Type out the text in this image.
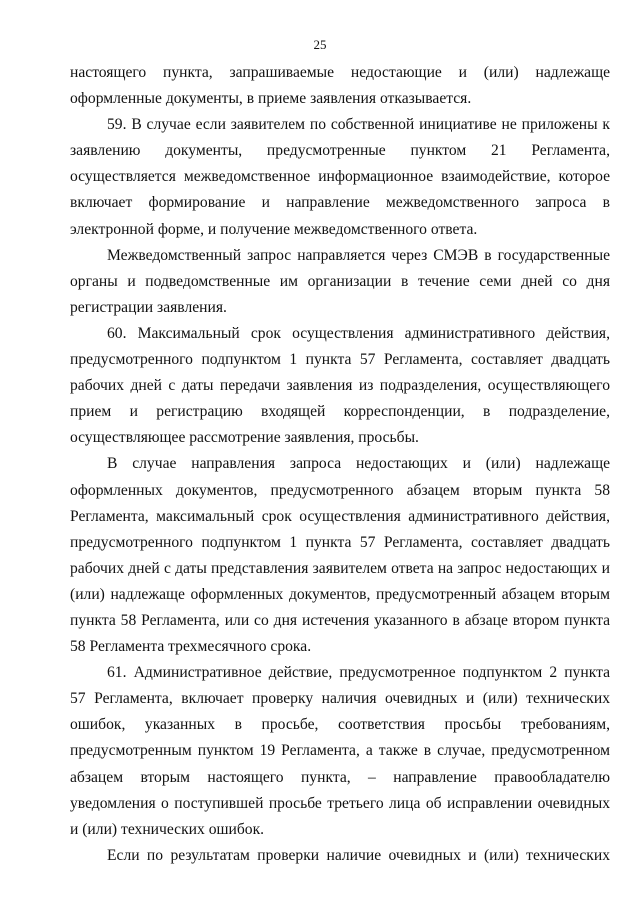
25

настоящего пункта, запрашиваемые недостающие и (или) надлежаще оформленные документы, в приеме заявления отказывается.

59. В случае если заявителем по собственной инициативе не приложены к заявлению документы, предусмотренные пунктом 21 Регламента, осуществляется межведомственное информационное взаимодействие, которое включает формирование и направление межведомственного запроса в электронной форме, и получение межведомственного ответа.

Межведомственный запрос направляется через СМЭВ в государственные органы и подведомственные им организации в течение семи дней со дня регистрации заявления.

60. Максимальный срок осуществления административного действия, предусмотренного подпунктом 1 пункта 57 Регламента, составляет двадцать рабочих дней с даты передачи заявления из подразделения, осуществляющего прием и регистрацию входящей корреспонденции, в подразделение, осуществляющее рассмотрение заявления, просьбы.

В случае направления запроса недостающих и (или) надлежаще оформленных документов, предусмотренного абзацем вторым пункта 58 Регламента, максимальный срок осуществления административного действия, предусмотренного подпунктом 1 пункта 57 Регламента, составляет двадцать рабочих дней с даты представления заявителем ответа на запрос недостающих и (или) надлежаще оформленных документов, предусмотренный абзацем вторым пункта 58 Регламента, или со дня истечения указанного в абзаце втором пункта 58 Регламента трехмесячного срока.

61. Административное действие, предусмотренное подпунктом 2 пункта 57 Регламента, включает проверку наличия очевидных и (или) технических ошибок, указанных в просьбе, соответствия просьбы требованиям, предусмотренным пунктом 19 Регламента, а также в случае, предусмотренном абзацем вторым настоящего пункта, – направление правообладателю уведомления о поступившей просьбе третьего лица об исправлении очевидных и (или) технических ошибок.

Если по результатам проверки наличие очевидных и (или) технических
